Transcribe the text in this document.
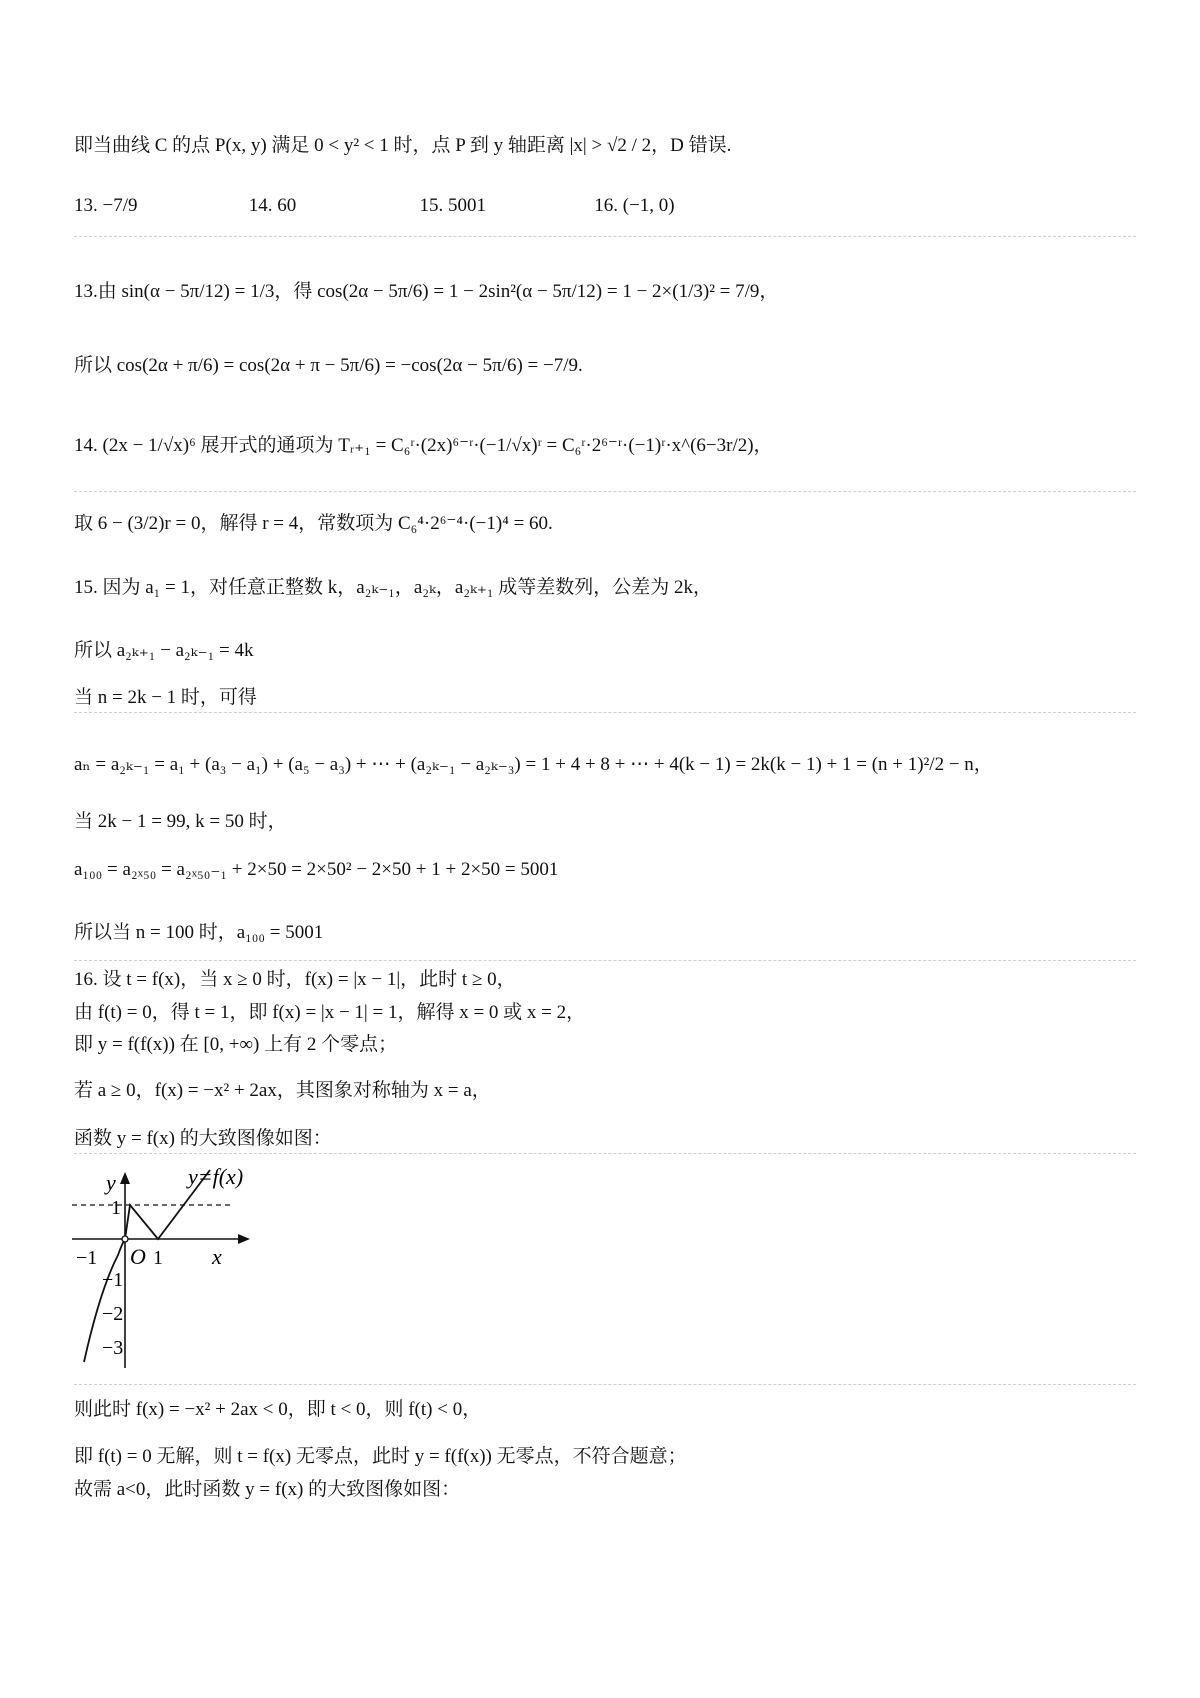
即当曲线 C 的点 P(x, y) 满足 0 < y² < 1 时，点 P 到 y 轴距离 |x| > √2 / 2，D 错误.
13. −7/9	14. 60	15. 5001	16. (−1, 0)
13.由 sin(α − 5π/12) = 1/3，得 cos(2α − 5π/6) = 1 − 2sin²(α − 5π/12) = 1 − 2×(1/3)² = 7/9，
所以 cos(2α + π/6) = cos(2α + π − 5π/6) = −cos(2α − 5π/6) = −7/9.
14. (2x − 1/√x)⁶ 展开式的通项为 Tᵣ₊₁ = C₆ʳ·(2x)⁶⁻ʳ·(−1/√x)ʳ = C₆ʳ·2⁶⁻ʳ·(−1)ʳ·x^(6−3r/2)，
取 6 − (3/2)r = 0，解得 r = 4，常数项为 C₆⁴·2⁶⁻⁴·(−1)⁴ = 60.
15. 因为 a₁ = 1，对任意正整数 k，a₂ₖ₋₁，a₂ₖ，a₂ₖ₊₁ 成等差数列，公差为 2k，
所以 a₂ₖ₊₁ − a₂ₖ₋₁ = 4k
当 n = 2k − 1 时，可得
aₙ = a₂ₖ₋₁ = a₁ + (a₃ − a₁) + (a₅ − a₃) + ⋯ + (a₂ₖ₋₁ − a₂ₖ₋₃) = 1 + 4 + 8 + ⋯ + 4(k − 1) = 2k(k − 1) + 1 = (n + 1)²/2 − n，
当 2k − 1 = 99, k = 50 时，
a₁₀₀ = a₂ₓ₅₀ = a₂ₓ₅₀₋₁ + 2×50 = 2×50² − 2×50 + 1 + 2×50 = 5001
所以当 n = 100 时，a₁₀₀ = 5001
16. 设 t = f(x)，当 x ≥ 0 时，f(x) = |x − 1|，此时 t ≥ 0，
由 f(t) = 0，得 t = 1，即 f(x) = |x − 1| = 1，解得 x = 0 或 x = 2，
即 y = f(f(x)) 在 [0, +∞) 上有 2 个零点；
若 a ≥ 0，f(x) = −x² + 2ax，其图象对称轴为 x = a，
函数 y = f(x) 的大致图像如图：
y=f(x)
y
x
O
−1	1
1
−1
−2
−3
则此时 f(x) = −x² + 2ax < 0，即 t < 0，则 f(t) < 0，
即 f(t) = 0 无解，则 t = f(x) 无零点，此时 y = f(f(x)) 无零点，不符合题意；
故需 a<0，此时函数 y = f(x) 的大致图像如图：
